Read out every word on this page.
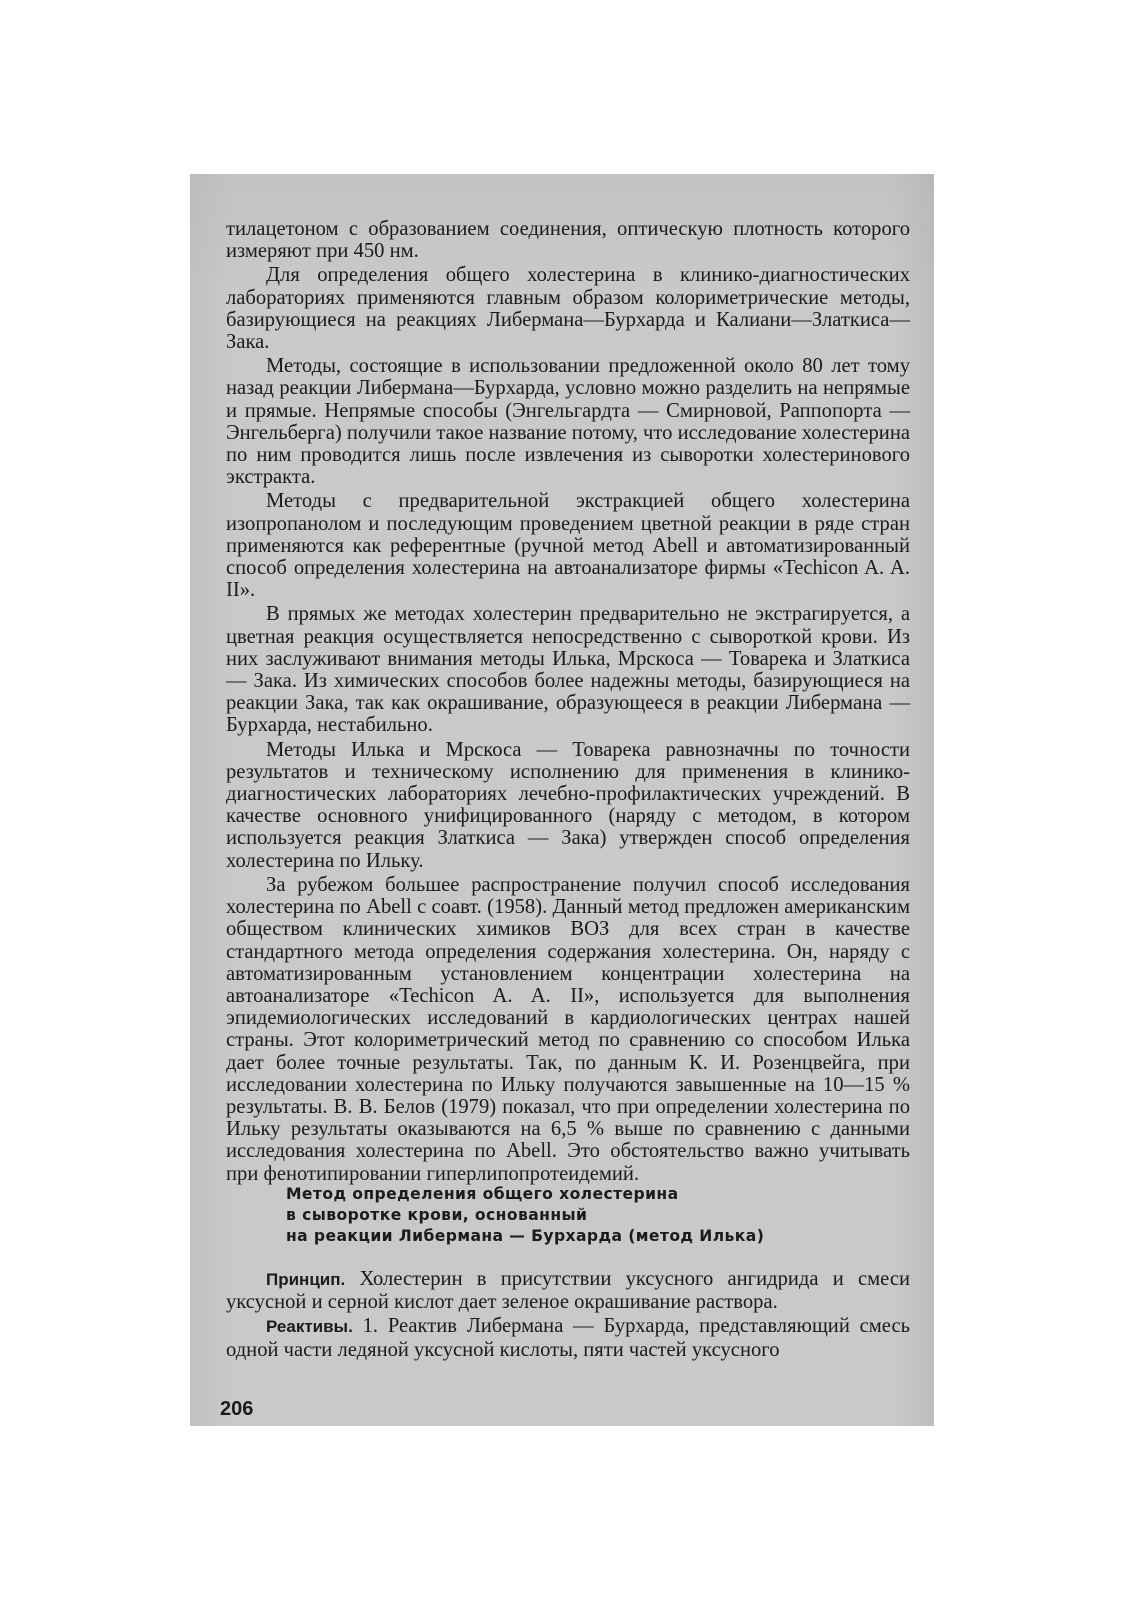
тилацетоном с образованием соединения, оптическую плотность которого измеряют при 450 нм.

Для определения общего холестерина в клинико-диагностических лабораториях применяются главным образом колориметрические методы, базирующиеся на реакциях Либермана—Бурхарда и Калиани—Златкиса—Зака.

Методы, состоящие в использовании предложенной около 80 лет тому назад реакции Либермана—Бурхарда, условно можно разделить на непрямые и прямые. Непрямые способы (Энгельгардта — Смирновой, Раппопорта — Энгельберга) получили такое название потому, что исследование холестерина по ним проводится лишь после извлечения из сыворотки холестеринового экстракта.

Методы с предварительной экстракцией общего холестерина изопропанолом и последующим проведением цветной реакции в ряде стран применяются как референтные (ручной метод Abell и автоматизированный способ определения холестерина на автоанализаторе фирмы «Techicon A. A. II».

В прямых же методах холестерин предварительно не экстрагируется, а цветная реакция осуществляется непосредственно с сывороткой крови. Из них заслуживают внимания методы Илька, Мрскоса — Товарека и Златкиса — Зака. Из химических способов более надежны методы, базирующиеся на реакции Зака, так как окрашивание, образующееся в реакции Либермана — Бурхарда, нестабильно.

Методы Илька и Мрскоса — Товарека равнозначны по точности результатов и техническому исполнению для применения в клинико-диагностических лабораториях лечебно-профилактических учреждений. В качестве основного унифицированного (наряду с методом, в котором используется реакция Златкиса — Зака) утвержден способ определения холестерина по Ильку.

За рубежом большее распространение получил способ исследования холестерина по Abell с соавт. (1958). Данный метод предложен американским обществом клинических химиков ВОЗ для всех стран в качестве стандартного метода определения содержания холестерина. Он, наряду с автоматизированным установлением концентрации холестерина на автоанализаторе «Techicon A. A. II», используется для выполнения эпидемиологических исследований в кардиологических центрах нашей страны. Этот колориметрический метод по сравнению со способом Илька дает более точные результаты. Так, по данным К. И. Розенцвейга, при исследовании холестерина по Ильку получаются завышенные на 10—15 % результаты. В. В. Белов (1979) показал, что при определении холестерина по Ильку результаты оказываются на 6,5 % выше по сравнению с данными исследования холестерина по Abell. Это обстоятельство важно учитывать при фенотипировании гиперлипопротеидемий.

Метод определения общего холестерина
в сыворотке крови, основанный
на реакции Либермана — Бурхарда (метод Илька)

Принцип. Холестерин в присутствии уксусного ангидрида и смеси уксусной и серной кислот дает зеленое окрашивание раствора.

Реактивы. 1. Реактив Либермана — Бурхарда, представляющий смесь одной части ледяной уксусной кислоты, пяти частей уксусного

206
